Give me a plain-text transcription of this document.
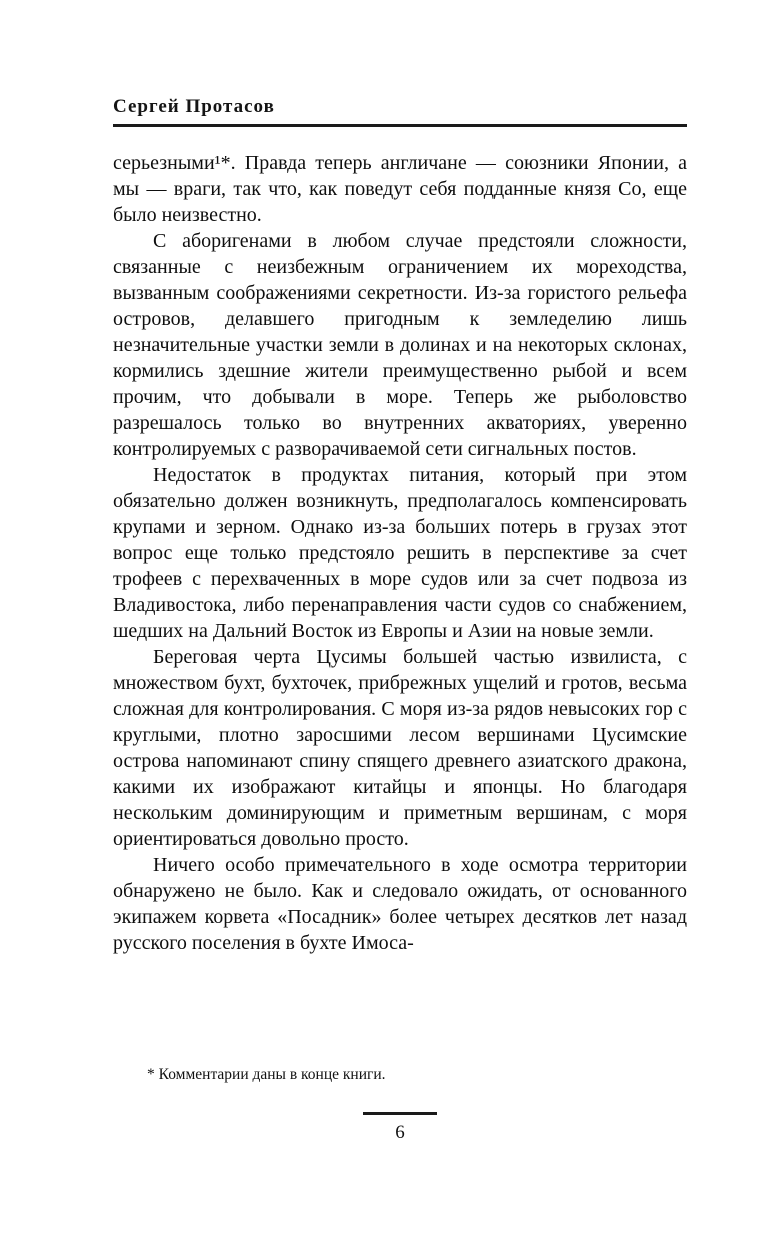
Сергей Протасов

серьезными¹*. Правда теперь англичане — союзники Японии, а мы — враги, так что, как поведут себя подданные князя Со, еще было неизвестно.

С аборигенами в любом случае предстояли сложности, связанные с неизбежным ограничением их мореходства, вызванным соображениями секретности. Из-за гористого рельефа островов, делавшего пригодным к земледелию лишь незначительные участки земли в долинах и на некоторых склонах, кормились здешние жители преимущественно рыбой и всем прочим, что добывали в море. Теперь же рыболовство разрешалось только во внутренних акваториях, уверенно контролируемых с разворачиваемой сети сигнальных постов.

Недостаток в продуктах питания, который при этом обязательно должен возникнуть, предполагалось компенсировать крупами и зерном. Однако из-за больших потерь в грузах этот вопрос еще только предстояло решить в перспективе за счет трофеев с перехваченных в море судов или за счет подвоза из Владивостока, либо перенаправления части судов со снабжением, шедших на Дальний Восток из Европы и Азии на новые земли.

Береговая черта Цусимы большей частью извилиста, с множеством бухт, бухточек, прибрежных ущелий и гротов, весьма сложная для контролирования. С моря из-за рядов невысоких гор с круглыми, плотно заросшими лесом вершинами Цусимские острова напоминают спину спящего древнего азиатского дракона, какими их изображают китайцы и японцы. Но благодаря нескольким доминирующим и приметным вершинам, с моря ориентироваться довольно просто.

Ничего особо примечательного в ходе осмотра территории обнаружено не было. Как и следовало ожидать, от основанного экипажем корвета «Посадник» более четырех десятков лет назад русского поселения в бухте Имоса-

* Комментарии даны в конце книги.
6
